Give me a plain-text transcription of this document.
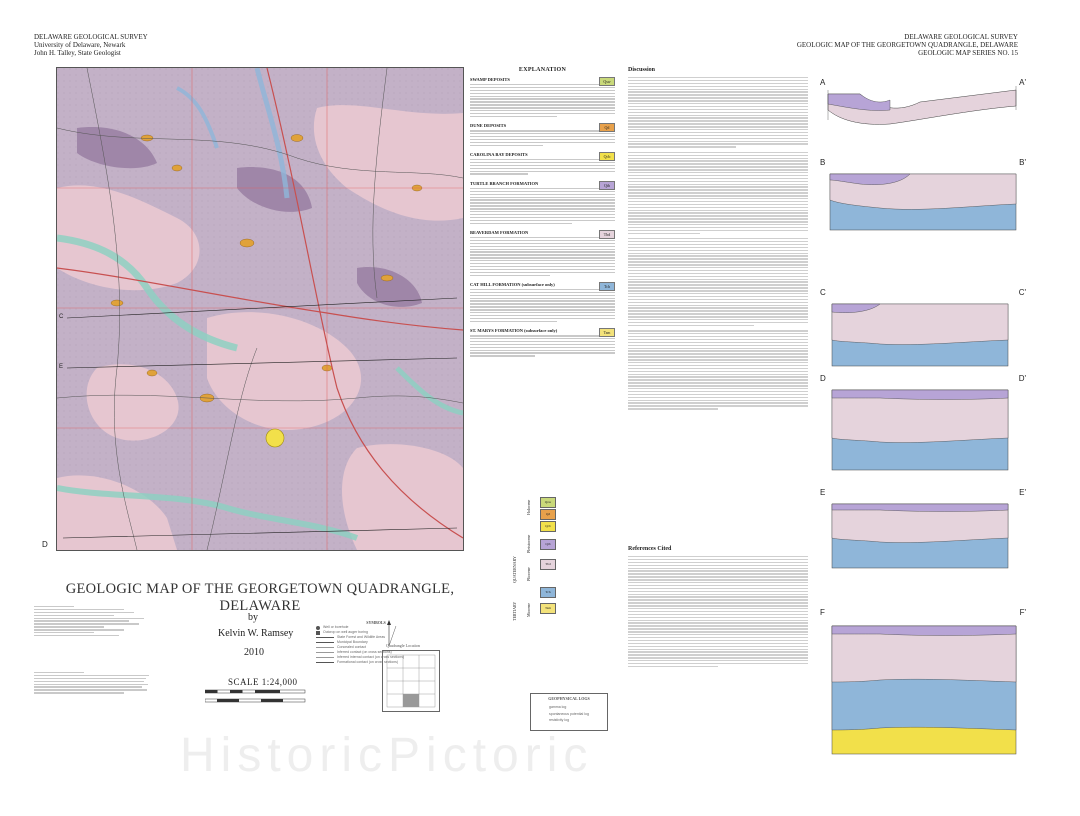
DELAWARE GEOLOGICAL SURVEY
University of Delaware, Newark
John H. Talley, State Geologist
DELAWARE GEOLOGICAL SURVEY
GEOLOGIC MAP OF THE GEORGETOWN QUADRANGLE, DELAWARE
GEOLOGIC MAP SERIES NO. 15
C
E
D
GEOLOGIC MAP OF THE GEORGETOWN QUADRANGLE, DELAWARE
by
Kelvin W. Ramsey
2010
SCALE 1:24,000
SYMBOLS
Well or borehole
Outcrop on well auger boring
State Forest and Wildlife Areas
Municipal Boundary
Concealed contact
Inferred contact (on cross sections)
Inferred internal contact (on cross sections)
Formational contact (on cross sections)
Quadrangle Location
EXPLANATION
SWAMP DEPOSITS	Qsw
DUNE DEPOSITS	Qd
CAROLINA BAY DEPOSITS	Qcb
TURTLE BRANCH FORMATION	Qtb
BEAVERDAM FORMATION	Tbd
CAT HILL FORMATION (subsurface only)	Tch
ST. MARYS FORMATION (subsurface only)	Tsm
QUATERNARY
TERTIARY
Holocene
Pleistocene
Pliocene
Miocene
Qsw
Qd
Qcb
Qtb
Tbd
Tch
Tsm
GEOPHYSICAL LOGS
gamma log
spontaneous potential log
resistivity log
Discussion
References Cited
A	A'
B	B'
C	C'
D	D'
E	E'
F	F'
HistoricPictoric
